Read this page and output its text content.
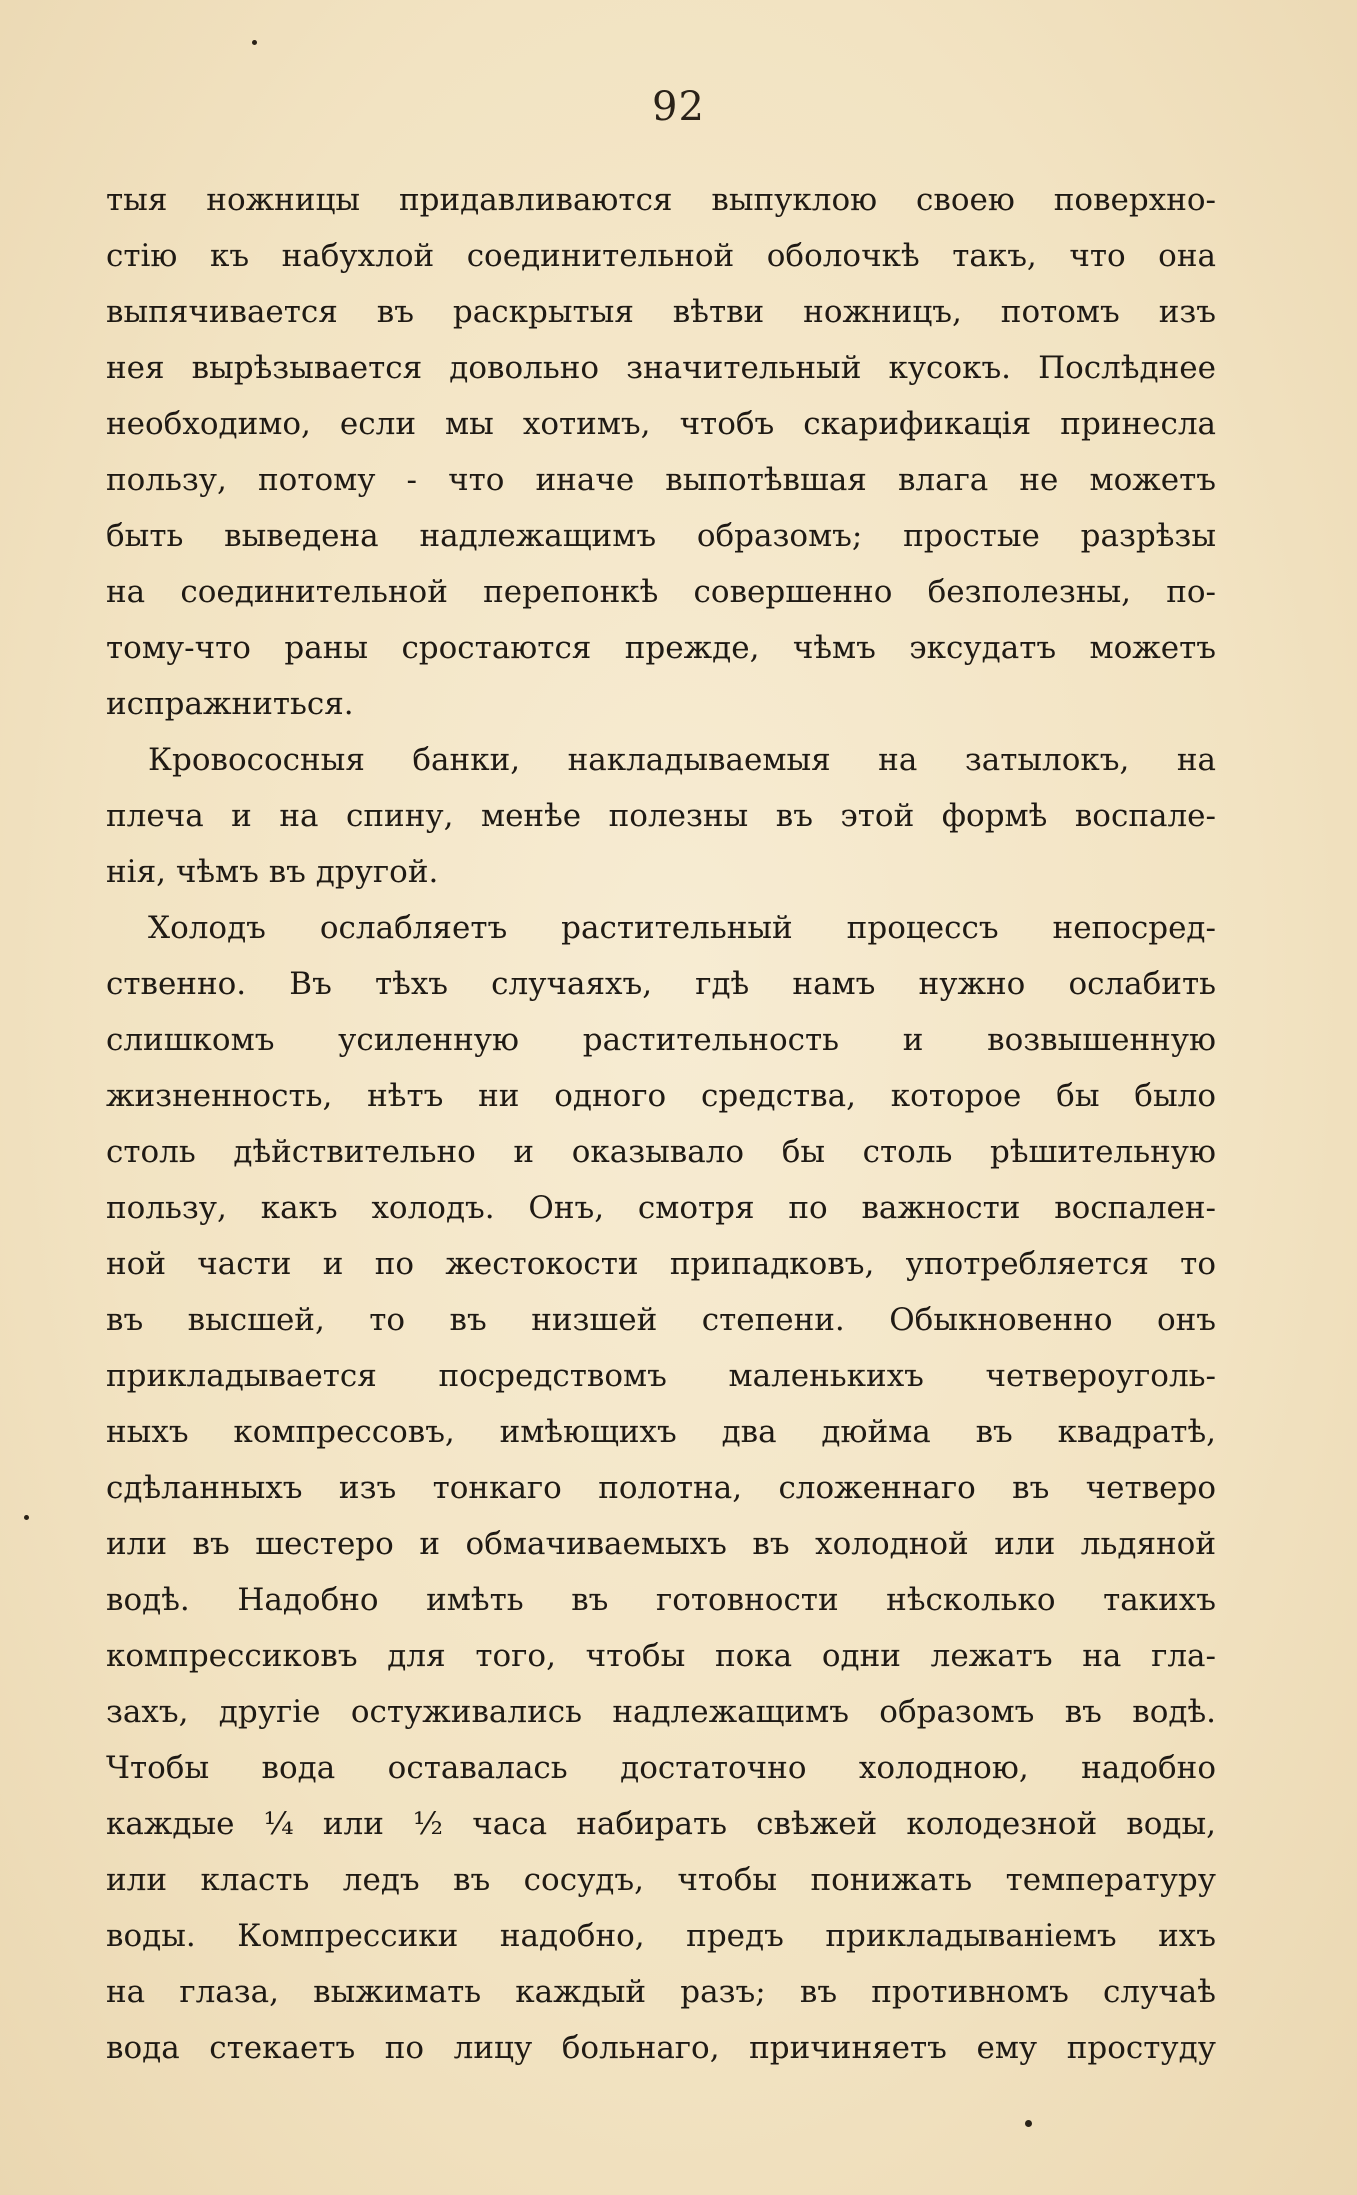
92
тыя ножницы придавливаются выпуклою своею поверхно-
стію къ набухлой соединительной оболочкѣ такъ, что она
выпячивается въ раскрытыя вѣтви ножницъ, потомъ изъ
нея вырѣзывается довольно значительный кусокъ. Послѣднее
необходимо, если мы хотимъ, чтобъ скарификація принесла
пользу, потому - что иначе выпотѣвшая влага не можетъ
быть выведена надлежащимъ образомъ; простые разрѣзы
на соединительной перепонкѣ совершенно безполезны, по-
тому-что раны сростаются прежде, чѣмъ эксудатъ можетъ
испражниться.
Кровососныя банки, накладываемыя на затылокъ, на
плеча и на спину, менѣе полезны въ этой формѣ воспале-
нія, чѣмъ въ другой.
Холодъ ослабляетъ растительный процессъ непосред-
ственно. Въ тѣхъ случаяхъ, гдѣ намъ нужно ослабить
слишкомъ усиленную растительность и возвышенную
жизненность, нѣтъ ни одного средства, которое бы было
столь дѣйствительно и оказывало бы столь рѣшительную
пользу, какъ холодъ. Онъ, смотря по важности воспален-
ной части и по жестокости припадковъ, употребляется то
въ высшей, то въ низшей степени. Обыкновенно онъ
прикладывается посредствомъ маленькихъ четвероуголь-
ныхъ компрессовъ, имѣющихъ два дюйма въ квадратѣ,
сдѣланныхъ изъ тонкаго полотна, сложеннаго въ четверо
или въ шестеро и обмачиваемыхъ въ холодной или льдяной
водѣ. Надобно имѣть въ готовности нѣсколько такихъ
компрессиковъ для того, чтобы пока одни лежатъ на гла-
захъ, другіе остуживались надлежащимъ образомъ въ водѣ.
Чтобы вода оставалась достаточно холодною, надобно
каждые ¼ или ½ часа набирать свѣжей колодезной воды,
или класть ледъ въ сосудъ, чтобы понижать температуру
воды. Компрессики надобно, предъ прикладываніемъ ихъ
на глаза, выжимать каждый разъ; въ противномъ случаѣ
вода стекаетъ по лицу больнаго, причиняетъ ему простуду
